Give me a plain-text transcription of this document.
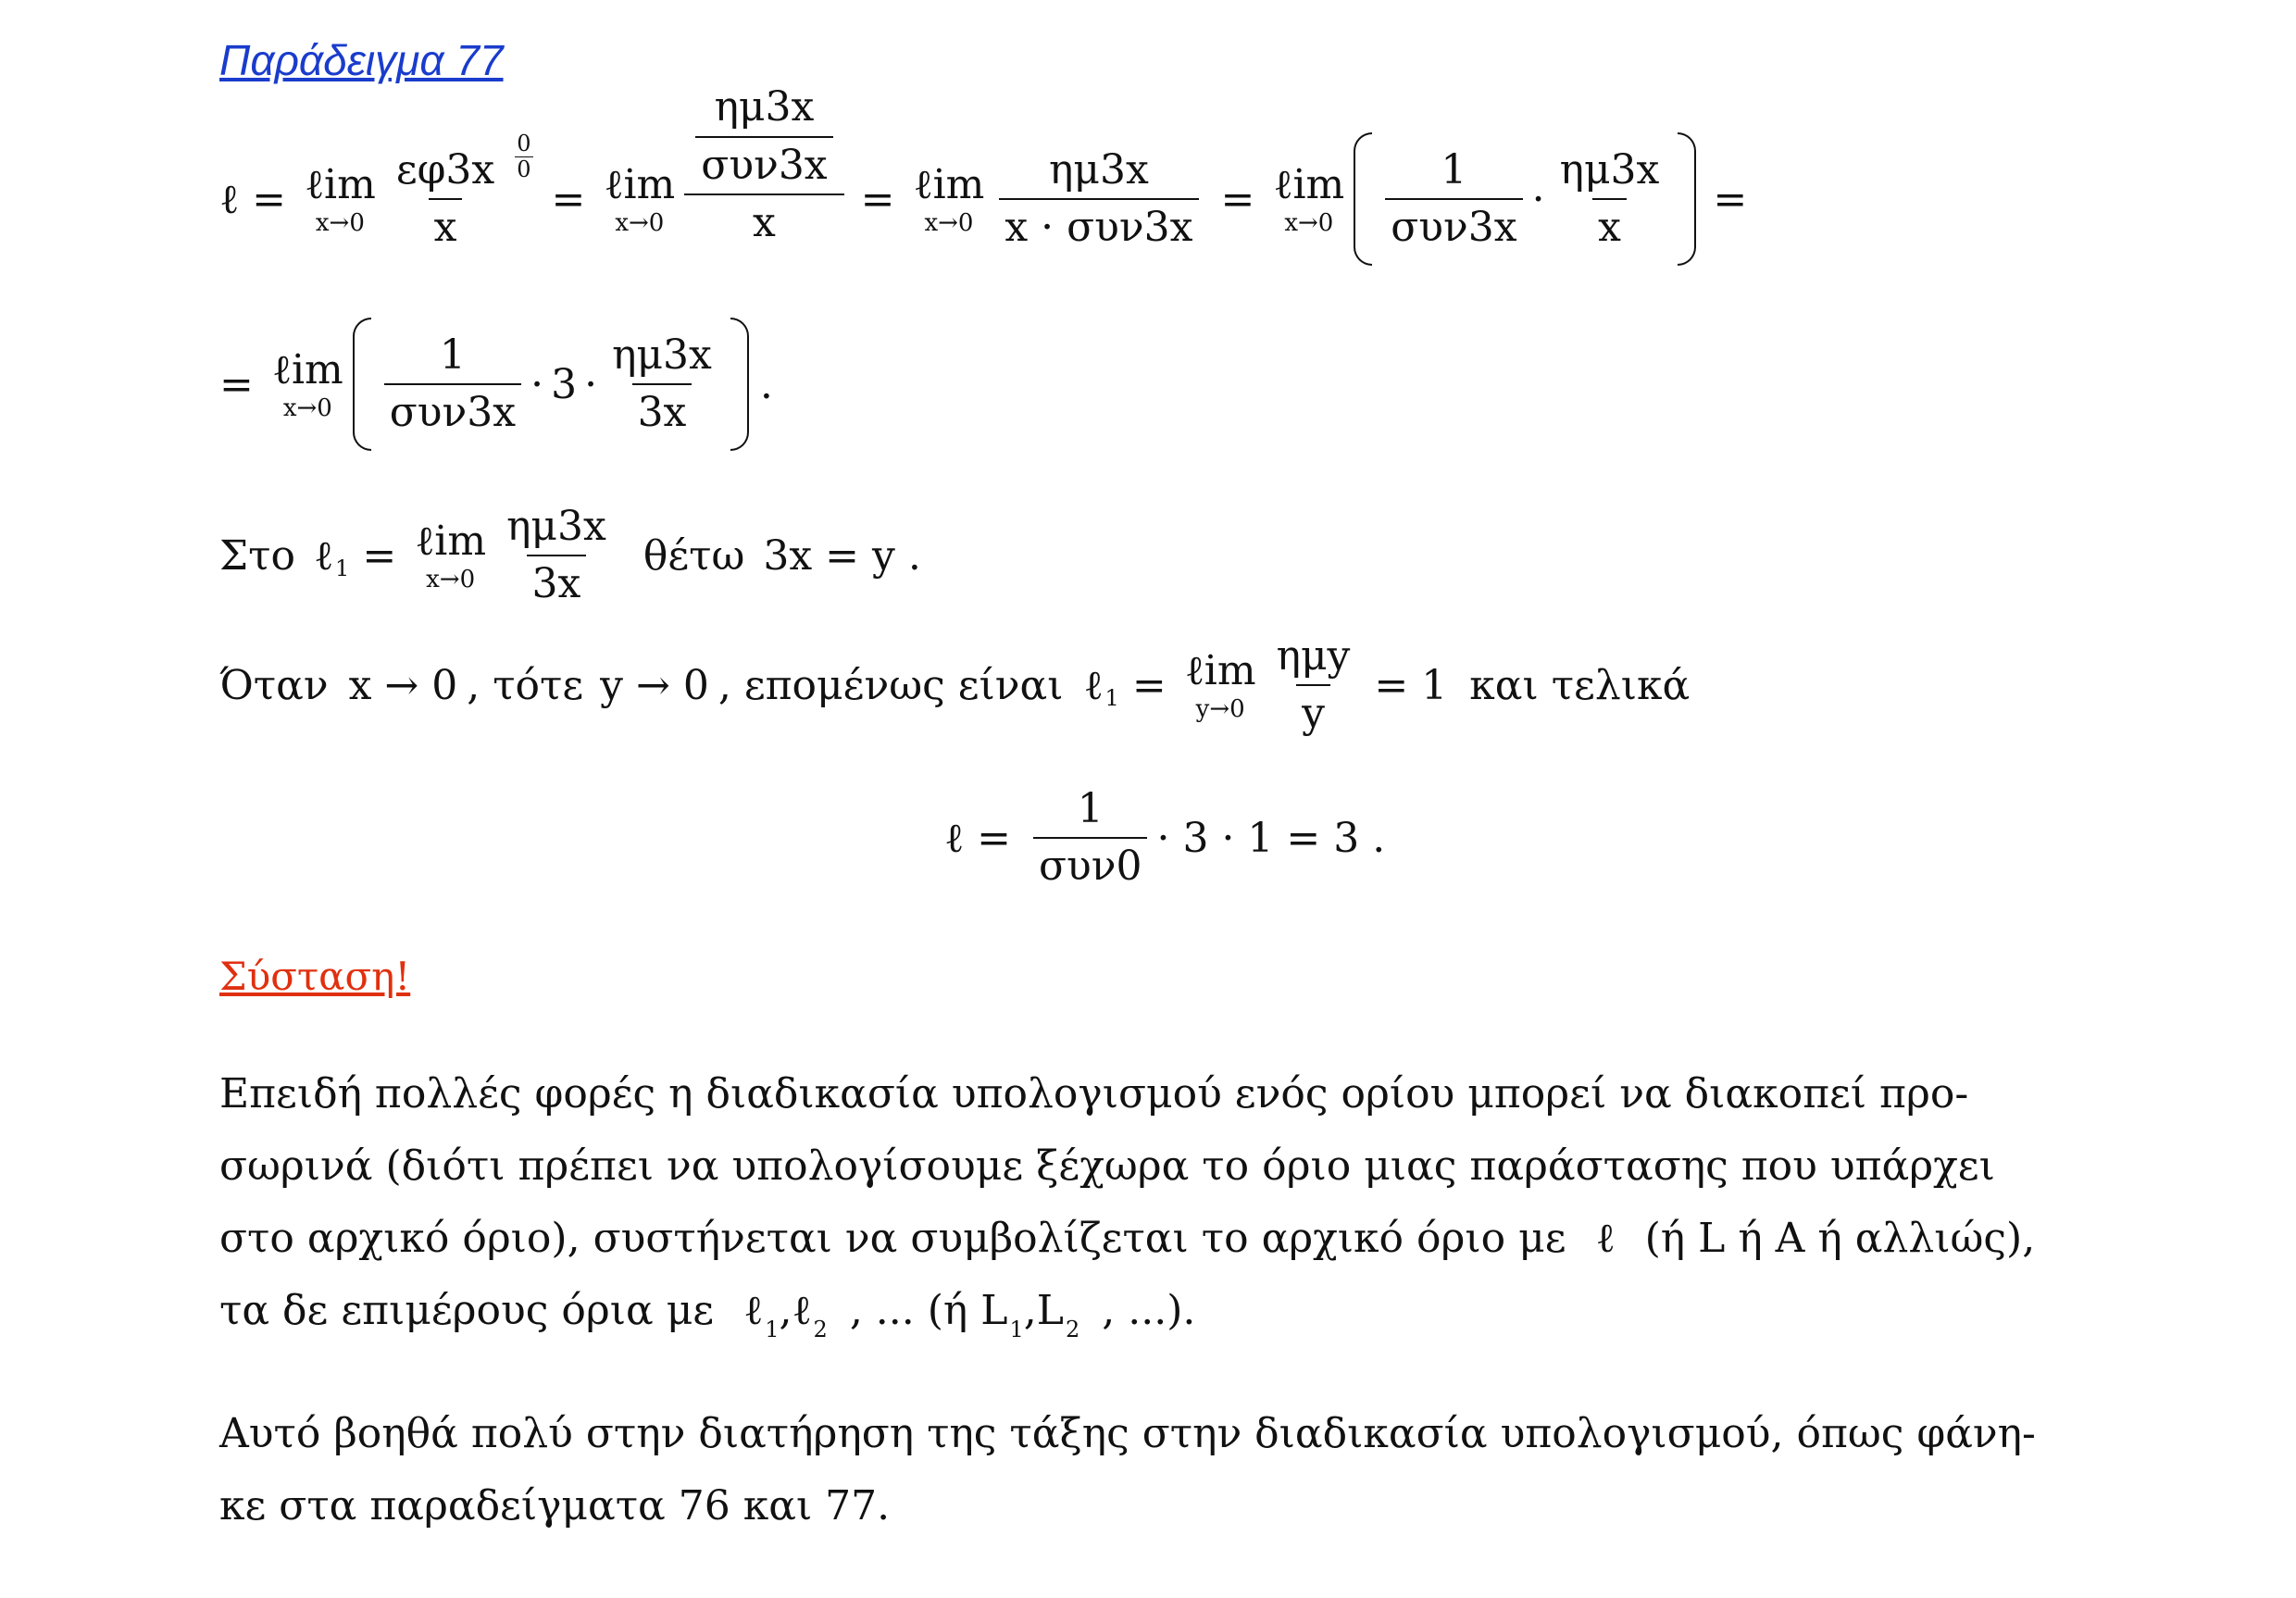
Παράδειγμα 77
ℓ = ℓim
$x\to 0 \frac{\varepsilon\varphi 3x}{x} \frac{0}{0}$
= ℓim
x→0 ημ3x
συν3x
x = ℓim
$x\to 0 \frac{\eta\mu 3x}{\text{x · συν3x}}$ = ℓim
$x\to 0 \frac{1}{\text{συν3x}} \cdot \frac{\eta\mu 3x}{x}$ =
= ℓim
$x\to 0 \frac{1}{\text{συν3x}} \cdot 3 \cdot \frac{\eta\mu 3x}{3x}$ .
Στο ℓ 1 = ℓim
$x\to 0 \frac{\eta\mu 3x}{3x}$ θέτω 3x = y .
Όταν x → 0 , τότε y → 0 , επομένως είναι ℓ 1 = ℓim
$y\to 0 \frac{\text{ημy}}{y} = 1$ και τελικά
ℓ = $\frac{1}{\text{συν0}} \cdot 3 \cdot 1 = 3$ .
Σύσταση!
Επειδή πολλές φορές η διαδικασία υπολογισμού ενός ορίου μπορεί να διακοπεί προ-
σωρινά (διότι πρέπει να υπολογίσουμε ξέχωρα το όριο μιας παράστασης που υπάρχει
στο αρχικό όριο), συστήνεται να συμβολίζεται το αρχικό όριο με ℓ (ή L ή A ή αλλιώς),
τα δε επιμέρους όρια με ℓ$_1$,ℓ$_2$ , ... (ή $L_1,L_2$ , ...).
Αυτό βοηθά πολύ στην διατήρηση της τάξης στην διαδικασία υπολογισμού, όπως φάνη-
κε στα παραδείγματα 76 και 77.
